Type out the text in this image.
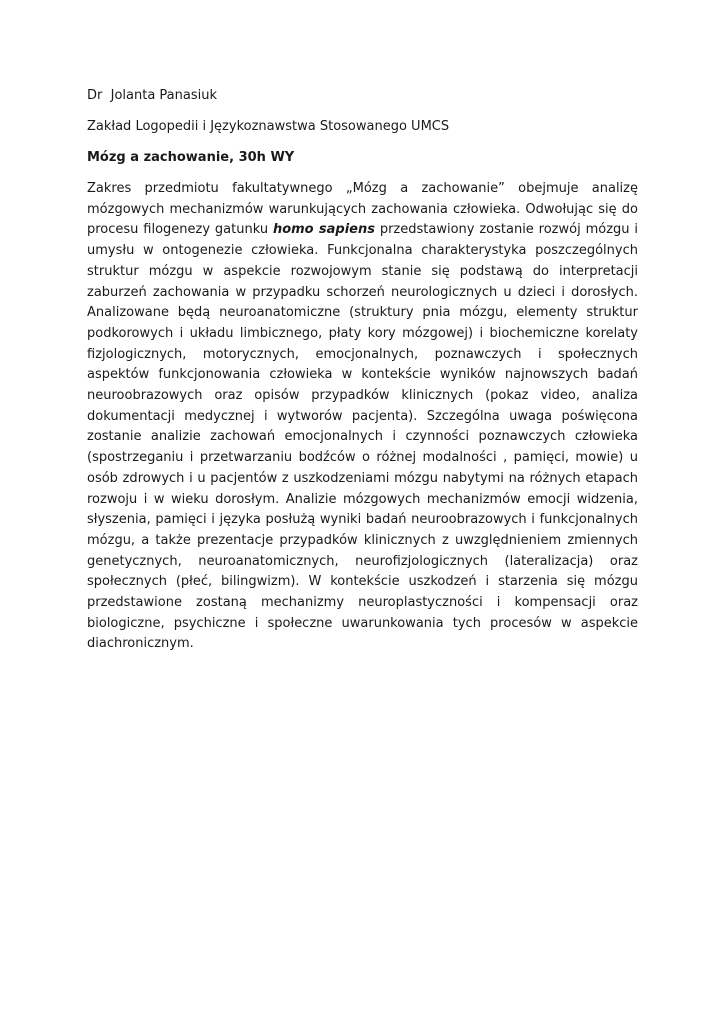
Dr  Jolanta Panasiuk

Zakład Logopedii i Językoznawstwa Stosowanego UMCS

Mózg a zachowanie, 30h WY

Zakres przedmiotu fakultatywnego „Mózg a zachowanie” obejmuje analizę mózgowych mechanizmów warunkujących zachowania człowieka. Odwołując się do procesu filogenezy gatunku homo sapiens przedstawiony zostanie rozwój mózgu i umysłu w ontogenezie człowieka. Funkcjonalna charakterystyka poszczególnych struktur mózgu w aspekcie rozwojowym stanie się podstawą do interpretacji zaburzeń zachowania w przypadku schorzeń neurologicznych u dzieci i dorosłych. Analizowane będą neuroanatomiczne (struktury pnia mózgu, elementy struktur podkorowych i układu limbicznego, płaty kory mózgowej) i biochemiczne korelaty fizjologicznych, motorycznych, emocjonalnych, poznawczych i społecznych aspektów funkcjonowania człowieka w kontekście wyników najnowszych badań neuroobrazowych oraz opisów przypadków klinicznych (pokaz video, analiza dokumentacji medycznej i wytworów pacjenta). Szczególna uwaga poświęcona zostanie analizie zachowań emocjonalnych i czynności poznawczych człowieka (spostrzeganiu i przetwarzaniu bodźców o różnej modalności , pamięci, mowie) u osób zdrowych i u pacjentów z uszkodzeniami mózgu nabytymi na różnych etapach rozwoju i w wieku dorosłym. Analizie mózgowych mechanizmów emocji widzenia, słyszenia, pamięci i języka posłużą wyniki badań neuroobrazowych i funkcjonalnych mózgu, a także prezentacje przypadków klinicznych z uwzględnieniem zmiennych genetycznych, neuroanatomicznych, neurofizjologicznych (lateralizacja) oraz społecznych (płeć, bilingwizm). W kontekście uszkodzeń i starzenia się mózgu przedstawione zostaną mechanizmy neuroplastyczności i kompensacji oraz biologiczne, psychiczne i społeczne uwarunkowania tych procesów w aspekcie diachronicznym.
